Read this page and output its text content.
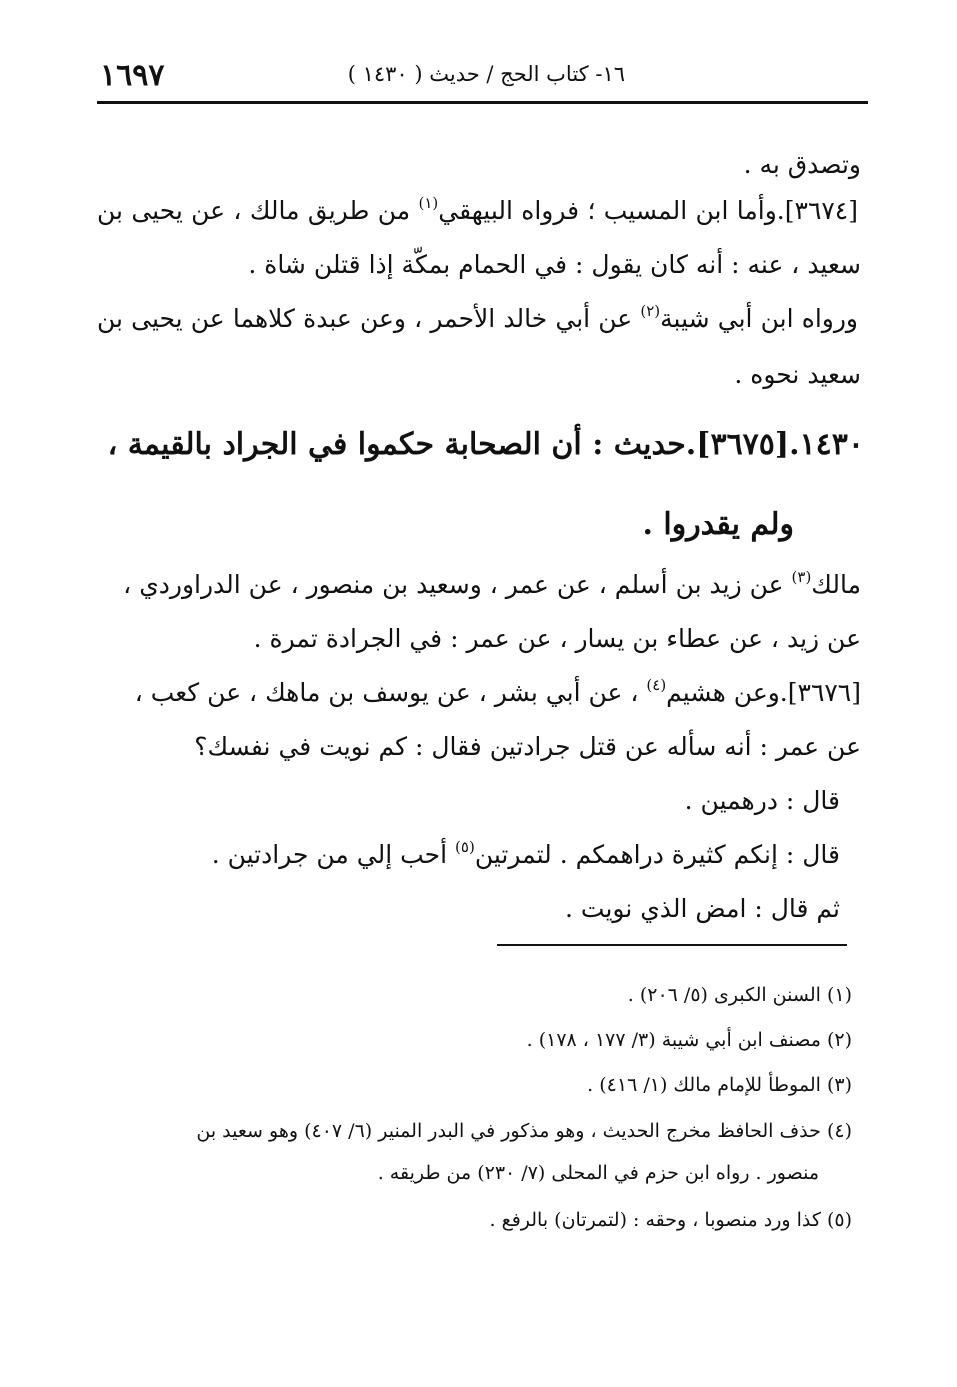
١٦٩٧	١٦- كتاب الحج / حديث ( ١٤٣٠ )
وتصدق به .
[٣٦٧٤].وأما ابن المسيب ؛ فرواه البيهقي$^{(١)}$ من طريق مالك ، عن يحيى بن
سعيد ، عنه : أنه كان يقول : في الحمام بمكّة إذا قتلن شاة .
ورواه ابن أبي شيبة$^{(٢)}$ عن أبي خالد الأحمر ، وعن عبدة كلاهما عن يحيى بن
سعيد نحوه .
١٤٣٠.[٣٦٧٥].حديث : أن الصحابة حكموا في الجراد بالقيمة ،
ولم يقدروا .
مالك$^{(٣)}$ عن زيد بن أسلم ، عن عمر ، وسعيد بن منصور ، عن الدراوردي ،
عن زيد ، عن عطاء بن يسار ، عن عمر : في الجرادة تمرة .
[٣٦٧٦].وعن هشيم$^{(٤)}$ ، عن أبي بشر ، عن يوسف بن ماهك ، عن كعب ،
عن عمر : أنه سأله عن قتل جرادتين فقال : كم نويت في نفسك؟
قال : درهمين .
قال : إنكم كثيرة دراهمكم . لتمرتين$^{(٥)}$ أحب إلي من جرادتين .
ثم قال : امض الذي نويت .
(١) السنن الكبرى (٥/ ٢٠٦) .
(٢) مصنف ابن أبي شيبة (٣/ ١٧٧ ، ١٧٨) .
(٣) الموطأ للإمام مالك (١/ ٤١٦) .
(٤) حذف الحافظ مخرج الحديث ، وهو مذكور في البدر المنير (٦/ ٤٠٧) وهو سعيد بن
منصور . رواه ابن حزم في المحلى (٧/ ٢٣٠) من طريقه .
(٥) كذا ورد منصوبا ، وحقه : (لتمرتان) بالرفع .
